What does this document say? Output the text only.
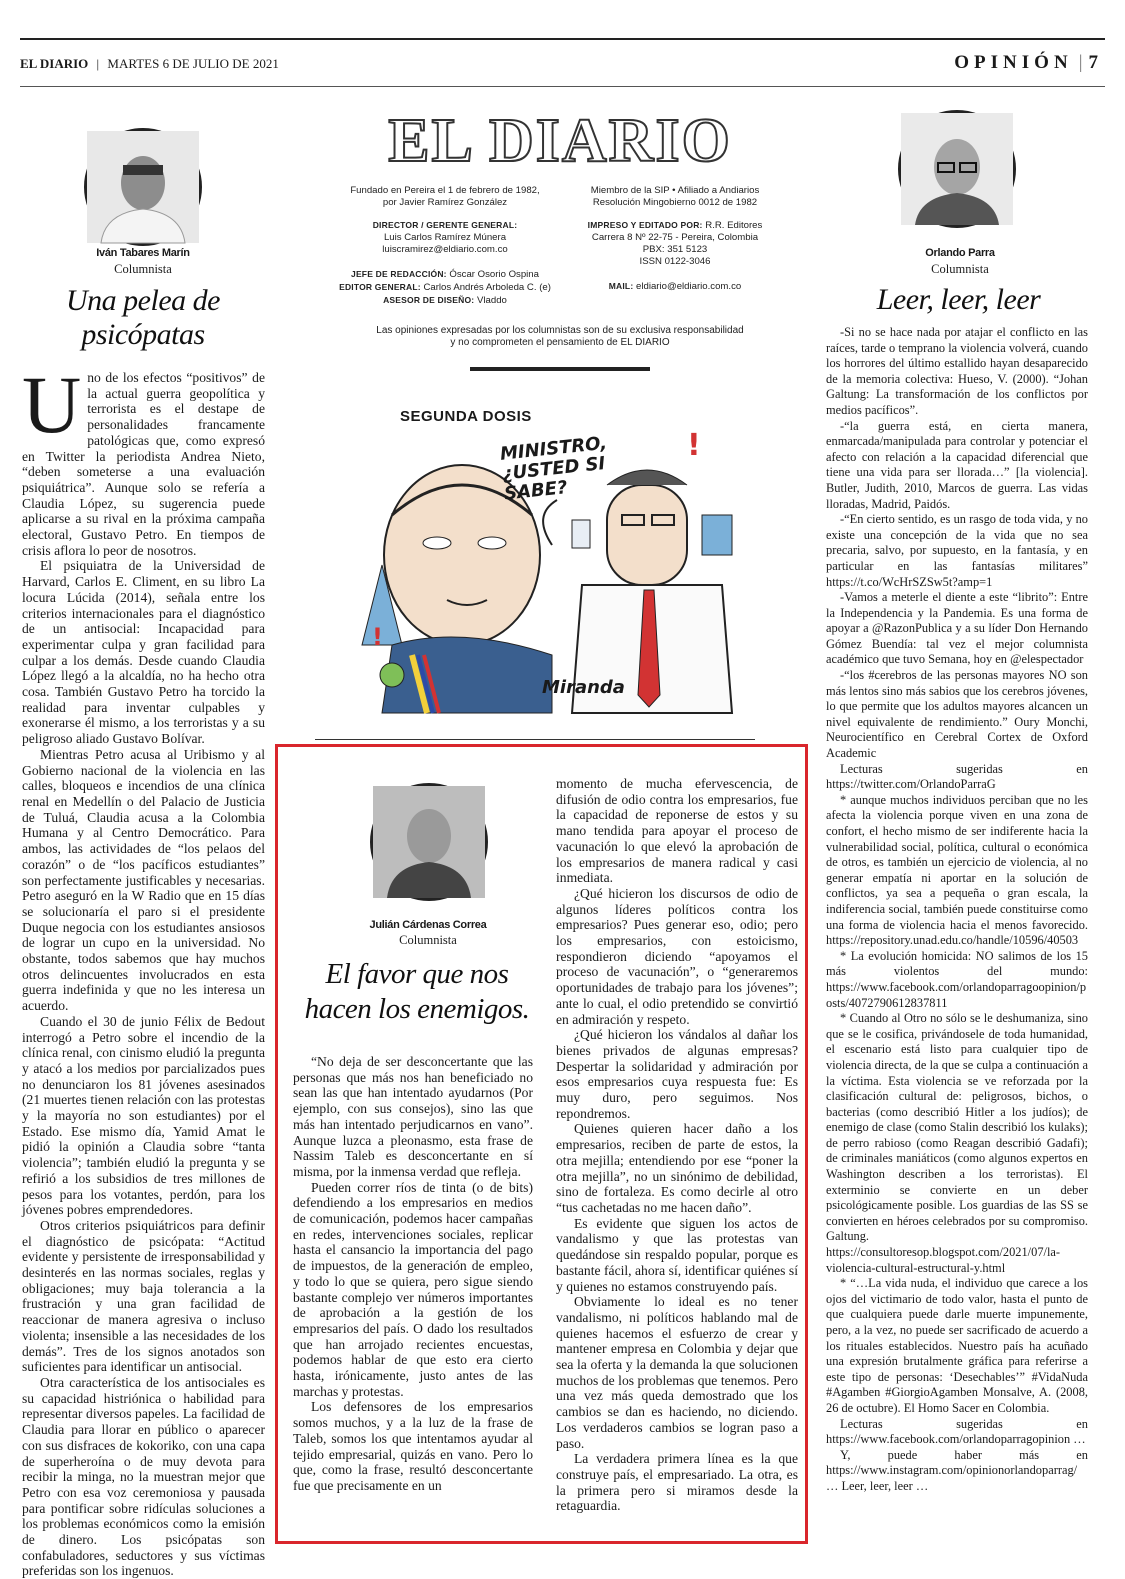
EL DIARIO | MARTES 6 DE JULIO DE 2021	OPINIÓN | 7
Iván Tabares Marín
Columnista
Una pelea de
psicópatas

Uno de los efectos “positivos” de la actual guerra geopolítica y terrorista es el destape de personalidades francamente patológicas que, como expresó en Twitter la periodista Andrea Nieto, “deben someterse a una evaluación psiquiátrica”. Aunque solo se refería a Claudia López, su sugerencia puede aplicarse a su rival en la próxima campaña electoral, Gustavo Petro. En tiempos de crisis aflora lo peor de nosotros.

El psiquiatra de la Universidad de Harvard, Carlos E. Climent, en su libro La locura Lúcida (2014), señala entre los criterios internacionales para el diagnóstico de un antisocial: Incapacidad para experimentar culpa y gran facilidad para culpar a los demás. Desde cuando Claudia López llegó a la alcaldía, no ha hecho otra cosa. También Gustavo Petro ha torcido la realidad para inventar culpables y exonerarse él mismo, a los terroristas y a su peligroso aliado Gustavo Bolívar.

Mientras Petro acusa al Uribismo y al Gobierno nacional de la violencia en las calles, bloqueos e incendios de una clínica renal en Medellín o del Palacio de Justicia de Tuluá, Claudia acusa a la Colombia Humana y al Centro Democrático. Para ambos, las actividades de “los pelaos del corazón” o de “los pacíficos estudiantes” son perfectamente justificables y necesarias. Petro aseguró en la W Radio que en 15 días se solucionaría el paro si el presidente Duque negocia con los estudiantes ansiosos de lograr un cupo en la universidad. No obstante, todos sabemos que hay muchos otros delincuentes involucrados en esta guerra indefinida y que no les interesa un acuerdo.

Cuando el 30 de junio Félix de Bedout interrogó a Petro sobre el incendio de la clínica renal, con cinismo eludió la pregunta y atacó a los medios por parcializados pues no denunciaron los 81 jóvenes asesinados (21 muertes tienen relación con las protestas y la mayoría no son estudiantes) por el Estado. Ese mismo día, Yamid Amat le pidió la opinión a Claudia sobre “tanta violencia”; también eludió la pregunta y se refirió a los subsidios de tres millones de pesos para los votantes, perdón, para los jóvenes pobres emprendedores.

Otros criterios psiquiátricos para definir el diagnóstico de psicópata: “Actitud evidente y persistente de irresponsabilidad y desinterés en las normas sociales, reglas y obligaciones; muy baja tolerancia a la frustración y una gran facilidad de reaccionar de manera agresiva o incluso violenta; insensible a las necesidades de los demás”. Tres de los signos anotados son suficientes para identificar un antisocial.

Otra característica de los antisociales es su capacidad histriónica o habilidad para representar diversos papeles. La facilidad de Claudia para llorar en público o aparecer con sus disfraces de kokoriko, con una capa de superheroína o de muy devota para recibir la minga, no la muestran mejor que Petro con esa voz ceremoniosa y pausada para pontificar sobre ridículas soluciones a los problemas económicos como la emisión de dinero. Los psicópatas son confabuladores, seductores y sus víctimas preferidas son los ingenuos.

EL DIARIO
Fundado en Pereira el 1 de febrero de 1982,
por Javier Ramírez González
DIRECTOR / GERENTE GENERAL:
Luis Carlos Ramírez Múnera
luiscramirez@eldiario.com.co
JEFE DE REDACCIÓN: Óscar Osorio Ospina
EDITOR GENERAL: Carlos Andrés Arboleda C. (e)
ASESOR DE DISEÑO: Vladdo
Miembro de la SIP • Afiliado a Andiarios
Resolución Mingobierno 0012 de 1982
IMPRESO Y EDITADO POR: R.R. Editores
Carrera 8 Nº 22-75 - Pereira, Colombia
PBX: 351 5123
ISSN 0122-3046
MAIL: eldiario@eldiario.com.co
Las opiniones expresadas por los columnistas son de su exclusiva responsabilidad
y no comprometen el pensamiento de EL DIARIO
!
!
SEGUNDA DOSIS
MINISTRO, ¿USTED SI SABE?
Miranda
Julián Cárdenas Correa
Columnista
El favor que nos
hacen los enemigos.

“No deja de ser desconcertante que las personas que más nos han beneficiado no sean las que han intentado ayudarnos (Por ejemplo, con sus consejos), sino las que más han intentado perjudicarnos en vano”. Aunque luzca a pleonasmo, esta frase de Nassim Taleb es desconcertante en sí misma, por la inmensa verdad que refleja.

Pueden correr ríos de tinta (o de bits) defendiendo a los empresarios en medios de comunicación, podemos hacer campañas en redes, intervenciones sociales, replicar hasta el cansancio la importancia del pago de impuestos, de la generación de empleo, y todo lo que se quiera, pero sigue siendo bastante complejo ver números importantes de aprobación a la gestión de los empresarios del país. O dado los resultados que han arrojado recientes encuestas, podemos hablar de que esto era cierto hasta, irónicamente, justo antes de las marchas y protestas.

Los defensores de los empresarios somos muchos, y a la luz de la frase de Taleb, somos los que intentamos ayudar al tejido empresarial, quizás en vano. Pero lo que, como la frase, resultó desconcertante fue que precisamente en un

momento de mucha efervescencia, de difusión de odio contra los empresarios, fue la capacidad de reponerse de estos y su mano tendida para apoyar el proceso de vacunación lo que elevó la aprobación de los empresarios de manera radical y casi inmediata.

¿Qué hicieron los discursos de odio de algunos líderes políticos contra los empresarios? Pues generar eso, odio; pero los empresarios, con estoicismo, respondieron diciendo “apoyamos el proceso de vacunación”, o “generaremos oportunidades de trabajo para los jóvenes”; ante lo cual, el odio pretendido se convirtió en admiración y respeto.

¿Qué hicieron los vándalos al dañar los bienes privados de algunas empresas? Despertar la solidaridad y admiración por esos empresarios cuya respuesta fue: Es muy duro, pero seguimos. Nos repondremos.

Quienes quieren hacer daño a los empresarios, reciben de parte de estos, la otra mejilla; entendiendo por ese “poner la otra mejilla”, no un sinónimo de debilidad, sino de fortaleza. Es como decirle al otro “tus cachetadas no me hacen daño”.

Es evidente que siguen los actos de vandalismo y que las protestas van quedándose sin respaldo popular, porque es bastante fácil, ahora sí, identificar quiénes sí y quienes no estamos construyendo país.

Obviamente lo ideal es no tener vandalismo, ni políticos hablando mal de quienes hacemos el esfuerzo de crear y mantener empresa en Colombia y dejar que sea la oferta y la demanda la que solucionen muchos de los problemas que tenemos. Pero una vez más queda demostrado que los cambios se dan es haciendo, no diciendo. Los verdaderos cambios se logran paso a paso.

La verdadera primera línea es la que construye país, el empresariado. La otra, es la primera pero si miramos desde la retaguardia.

Orlando Parra
Columnista
Leer, leer, leer

-Si no se hace nada por atajar el conflicto en las raíces, tarde o temprano la violencia volverá, cuando los horrores del último estallido hayan desaparecido de la memoria colectiva: Hueso, V. (2000). “Johan Galtung: La transformación de los conflictos por medios pacíficos”.

-“la guerra está, en cierta manera, enmarcada/manipulada para controlar y potenciar el afecto con relación a la capacidad diferencial que tiene una vida para ser llorada…” [la violencia]. Butler, Judith, 2010, Marcos de guerra. Las vidas lloradas, Madrid, Paidós.

-“En cierto sentido, es un rasgo de toda vida, y no existe una concepción de la vida que no sea precaria, salvo, por supuesto, en la fantasía, y en particular en las fantasías militares” https://t.co/WcHrSZSw5t?amp=1

-Vamos a meterle el diente a este “librito”: Entre la Independencia y la Pandemia. Es una forma de apoyar a @RazonPublica y a su líder Don Hernando Gómez Buendía: tal vez el mejor columnista académico que tuvo Semana, hoy en @elespectador

-“los #cerebros de las personas mayores NO son más lentos sino más sabios que los cerebros jóvenes, lo que permite que los adultos mayores alcancen un nivel equivalente de rendimiento.” Oury Monchi, Neurocientífico en Cerebral Cortex de Oxford Academic

Lecturas sugeridas en https://twitter.com/OrlandoParraG

* aunque muchos individuos perciban que no les afecta la violencia porque viven en una zona de confort, el hecho mismo de ser indiferente hacia la vulnerabilidad social, política, cultural o económica de otros, es también un ejercicio de violencia, al no generar empatía ni aportar en la solución de conflictos, ya sea a pequeña o gran escala, la indiferencia social, también puede constituirse como una forma de violencia hacia el menos favorecido. https://repository.unad.edu.co/handle/10596/40503

* La evolución homicida: NO salimos de los 15 más violentos del mundo: https://www.facebook.com/orlandoparragoopinion/posts/4072790612837811

* Cuando al Otro no sólo se le deshumaniza, sino que se le cosifica, privándosele de toda humanidad, el escenario está listo para cualquier tipo de violencia directa, de la que se culpa a continuación a la víctima. Esta violencia se ve reforzada por la clasificación cultural de: peligrosos, bichos, o bacterias (como describió Hitler a los judíos); de enemigo de clase (como Stalin describió los kulaks); de perro rabioso (como Reagan describió Gadafi); de criminales maniáticos (como algunos expertos en Washington describen a los terroristas). El exterminio se convierte en un deber psicológicamente posible. Los guardias de las SS se convierten en héroes celebrados por su compromiso. Galtung. https://consultoresop.blogspot.com/2021/07/la-violencia-cultural-estructural-y.html

* “…La vida nuda, el individuo que carece a los ojos del victimario de todo valor, hasta el punto de que cualquiera puede darle muerte impunemente, pero, a la vez, no puede ser sacrificado de acuerdo a los rituales establecidos. Nuestro país ha acuñado una expresión brutalmente gráfica para referirse a este tipo de personas: ‘Desechables’” #VidaNuda #Agamben #GiorgioAgamben Monsalve, A. (2008, 26 de octubre). El Homo Sacer en Colombia.

Lecturas sugeridas en https://www.facebook.com/orlandoparragopinion …

Y, puede haber más en https://www.instagram.com/opinionorlandoparrag/ … Leer, leer, leer …
